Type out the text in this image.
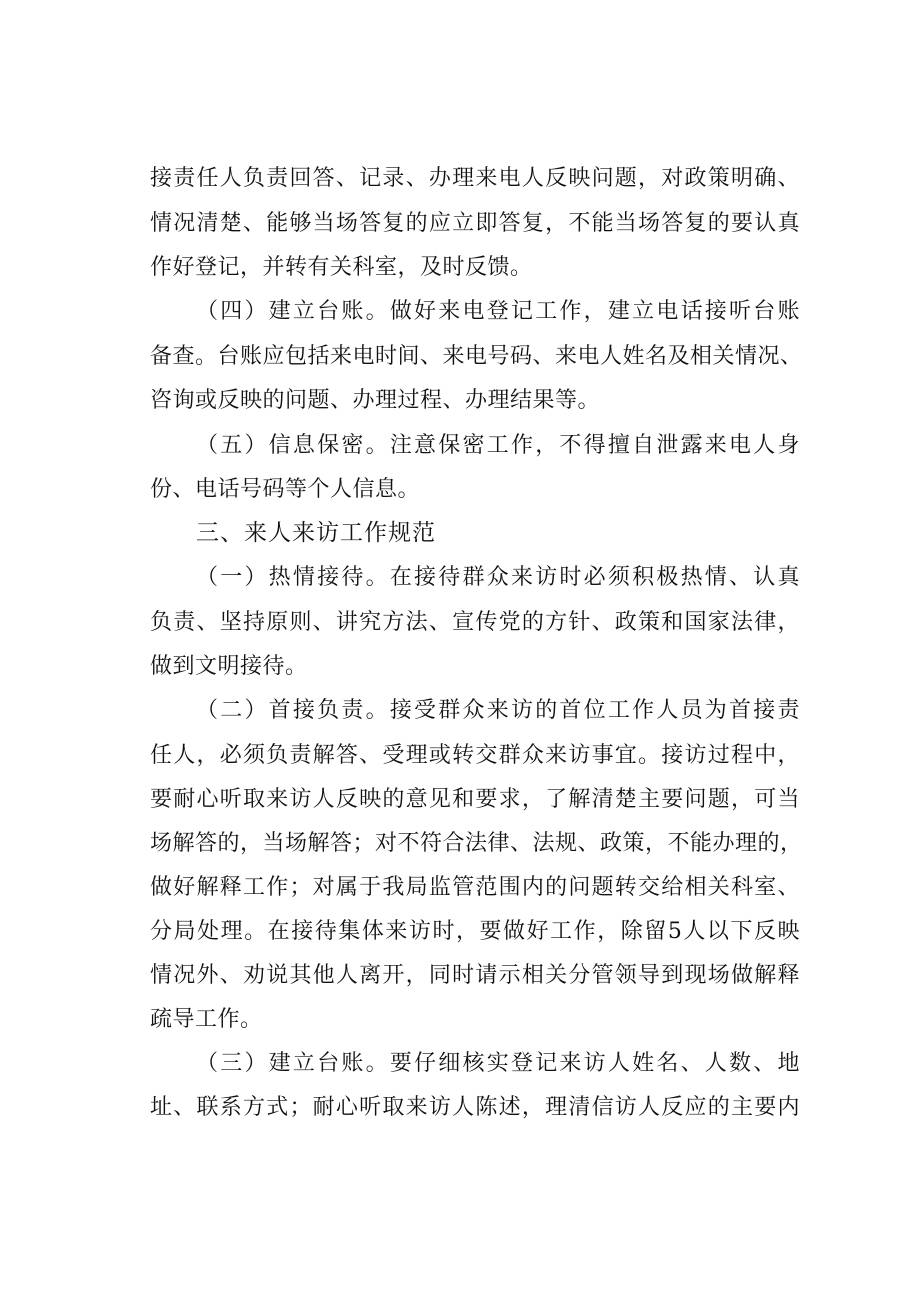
接责任人负责回答、记录、办理来电人反映问题，对政策明确、
情况清楚、能够当场答复的应立即答复，不能当场答复的要认真
作好登记，并转有关科室，及时反馈。
（四）建立台账。做好来电登记工作，建立电话接听台账
备查。台账应包括来电时间、来电号码、来电人姓名及相关情况、
咨询或反映的问题、办理过程、办理结果等。
（五）信息保密。注意保密工作，不得擅自泄露来电人身
份、电话号码等个人信息。
三、来人来访工作规范
（一）热情接待。在接待群众来访时必须积极热情、认真
负责、坚持原则、讲究方法、宣传党的方针、政策和国家法律，
做到文明接待。
（二）首接负责。接受群众来访的首位工作人员为首接责
任人，必须负责解答、受理或转交群众来访事宜。接访过程中，
要耐心听取来访人反映的意见和要求，了解清楚主要问题，可当
场解答的，当场解答；对不符合法律、法规、政策，不能办理的，
做好解释工作；对属于我局监管范围内的问题转交给相关科室、
分局处理。在接待集体来访时，要做好工作，除留5人以下反映
情况外、劝说其他人离开，同时请示相关分管领导到现场做解释
疏导工作。
（三）建立台账。要仔细核实登记来访人姓名、人数、地
址、联系方式；耐心听取来访人陈述，理清信访人反应的主要内
